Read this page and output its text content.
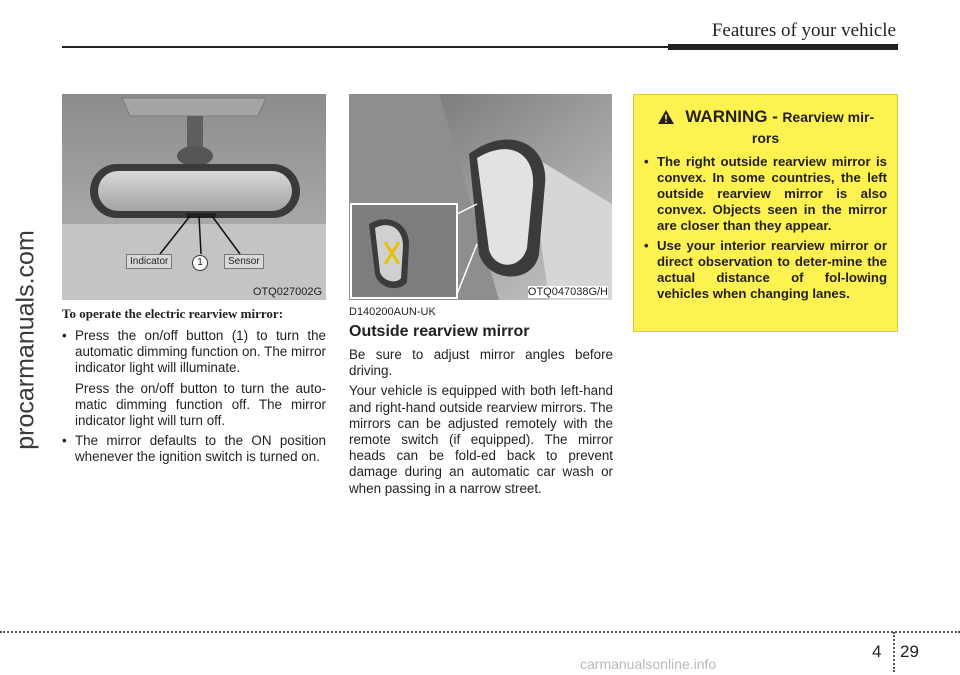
Features of your vehicle
procarmanuals.com	Indicator	1	Sensor
OTQ027002G	OTQ047038G/H

To operate the electric rearview mirror:

• Press the on/off button (1) to turn the automatic dimming function on. The mirror indicator light will illuminate.

Press the on/off button to turn the auto-matic dimming function off. The mirror indicator light will turn off.

• The mirror defaults to the ON position whenever the ignition switch is turned on.

D140200AUN-UK

Outside rearview mirror

Be sure to adjust mirror angles before driving.

Your vehicle is equipped with both left-hand and right-hand outside rearview mirrors. The mirrors can be adjusted remotely with the remote switch (if equipped). The mirror heads can be fold-ed back to prevent damage during an automatic car wash or when passing in a narrow street.

WARNING - Rearview mir-
rors
• The right outside rearview mirror is convex. In some countries, the left outside rearview mirror is also convex. Objects seen in the mirror are closer than they appear.
• Use your interior rearview mirror or direct observation to deter-mine the actual distance of fol-lowing vehicles when changing lanes.
4 29
carmanualsonline.info
